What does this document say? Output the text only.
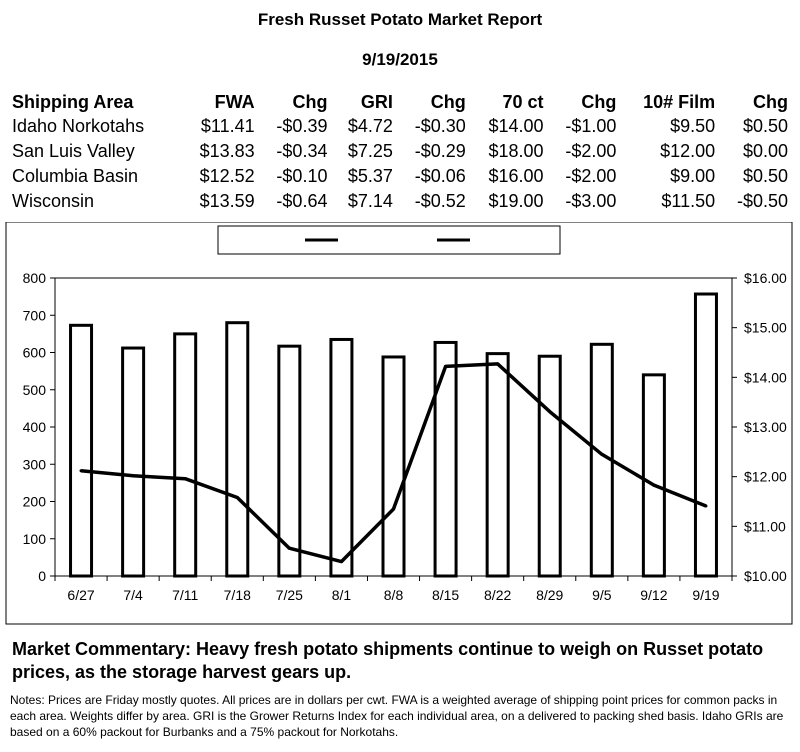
Fresh Russet Potato Market Report
9/19/2015
Shipping Area	FWA	Chg	GRI	Chg	70 ct	Chg	10# Film	Chg
Idaho Norkotahs	$11.41	-$0.39	$4.72	-$0.30	$14.00	-$1.00	$9.50	$0.50
San Luis Valley	$13.83	-$0.34	$7.25	-$0.29	$18.00	-$2.00	$12.00	$0.00
Columbia Basin	$12.52	-$0.10	$5.37	-$0.06	$16.00	-$2.00	$9.00	$0.50
Wisconsin	$13.59	-$0.64	$7.14	-$0.52	$19.00	-$3.00	$11.50	-$0.50
0
100
200
300
400
500
600
700
800
$10.00
$11.00
$12.00
$13.00
$14.00
$15.00
$16.00
6/27 7/4 7/11 7/18 7/25 8/1 8/8 8/15 8/22 8/29 9/5 9/12 9/19
Market Commentary: Heavy fresh potato shipments continue to weigh on Russet potato prices, as the storage harvest gears up.
Notes: Prices are Friday mostly quotes. All prices are in dollars per cwt. FWA is a weighted average of shipping point prices for common packs in each area. Weights differ by area. GRI is the Grower Returns Index for each individual area, on a delivered to packing shed basis. Idaho GRIs are based on a 60% packout for Burbanks and a 75% packout for Norkotahs.
